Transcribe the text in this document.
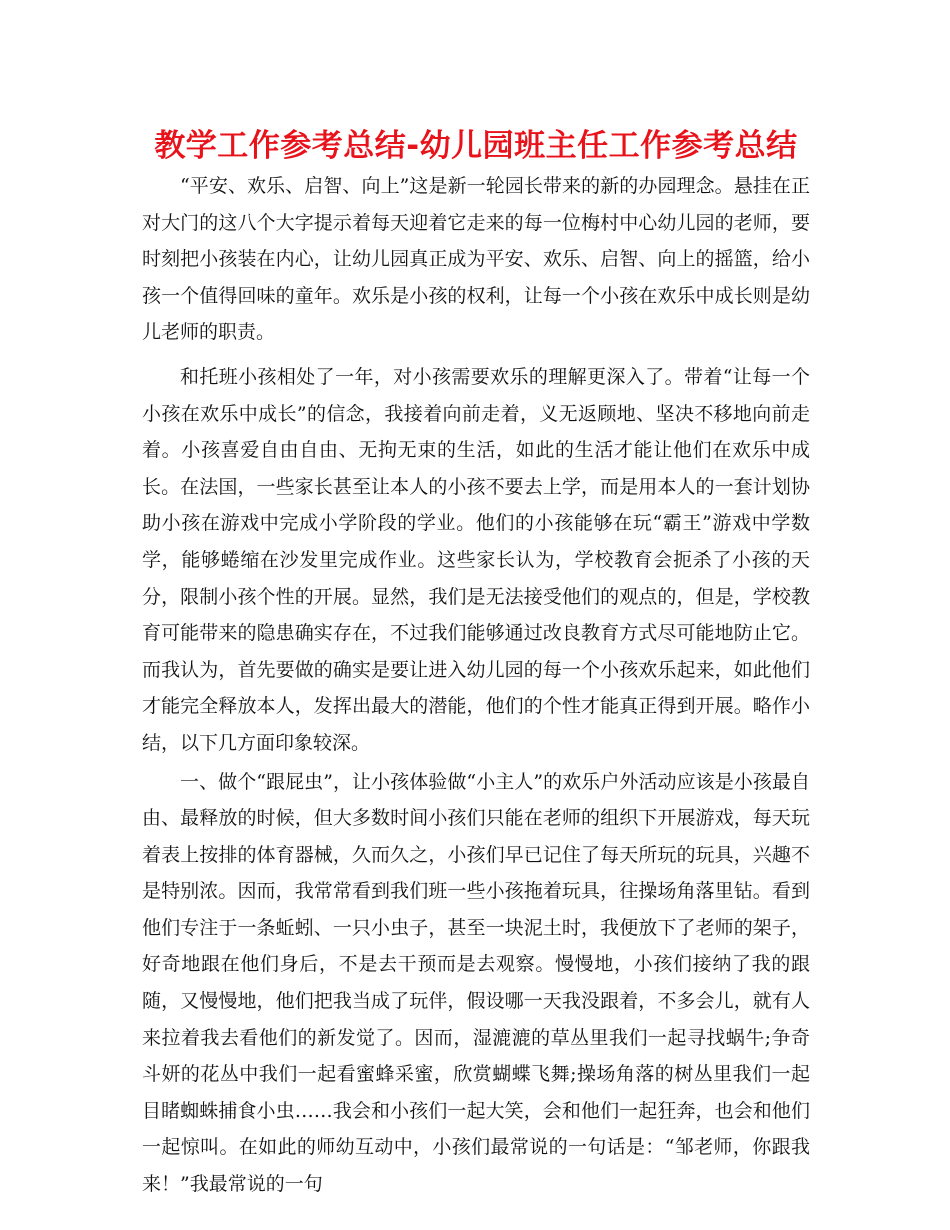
教学工作参考总结-幼儿园班主任工作参考总结

“平安、欢乐、启智、向上”这是新一轮园长带来的新的办园理念。悬挂在正对大门的这八个大字提示着每天迎着它走来的每一位梅村中心幼儿园的老师，要时刻把小孩装在内心，让幼儿园真正成为平安、欢乐、启智、向上的摇篮，给小孩一个值得回味的童年。欢乐是小孩的权利，让每一个小孩在欢乐中成长则是幼儿老师的职责。

和托班小孩相处了一年，对小孩需要欢乐的理解更深入了。带着“让每一个小孩在欢乐中成长”的信念，我接着向前走着，义无返顾地、坚决不移地向前走着。小孩喜爱自由自由、无拘无束的生活，如此的生活才能让他们在欢乐中成长。在法国，一些家长甚至让本人的小孩不要去上学，而是用本人的一套计划协助小孩在游戏中完成小学阶段的学业。他们的小孩能够在玩“霸王”游戏中学数学，能够蜷缩在沙发里完成作业。这些家长认为，学校教育会扼杀了小孩的天分，限制小孩个性的开展。显然，我们是无法接受他们的观点的，但是，学校教育可能带来的隐患确实存在，不过我们能够通过改良教育方式尽可能地防止它。而我认为，首先要做的确实是要让进入幼儿园的每一个小孩欢乐起来，如此他们才能完全释放本人，发挥出最大的潜能，他们的个性才能真正得到开展。略作小结，以下几方面印象较深。

一、做个“跟屁虫”，让小孩体验做“小主人”的欢乐户外活动应该是小孩最自由、最释放的时候，但大多数时间小孩们只能在老师的组织下开展游戏，每天玩着表上按排的体育器械，久而久之，小孩们早已记住了每天所玩的玩具，兴趣不是特别浓。因而，我常常看到我们班一些小孩拖着玩具，往操场角落里钻。看到他们专注于一条蚯蚓、一只小虫子，甚至一块泥土时，我便放下了老师的架子，好奇地跟在他们身后，不是去干预而是去观察。慢慢地，小孩们接纳了我的跟随，又慢慢地，他们把我当成了玩伴，假设哪一天我没跟着，不多会儿，就有人来拉着我去看他们的新发觉了。因而，湿漉漉的草丛里我们一起寻找蜗牛;争奇斗妍的花丛中我们一起看蜜蜂采蜜，欣赏蝴蝶飞舞;操场角落的树丛里我们一起目睹蜘蛛捕食小虫……我会和小孩们一起大笑，会和他们一起狂奔，也会和他们一起惊叫。在如此的师幼互动中，小孩们最常说的一句话是：“邹老师，你跟我来！”我最常说的一句
